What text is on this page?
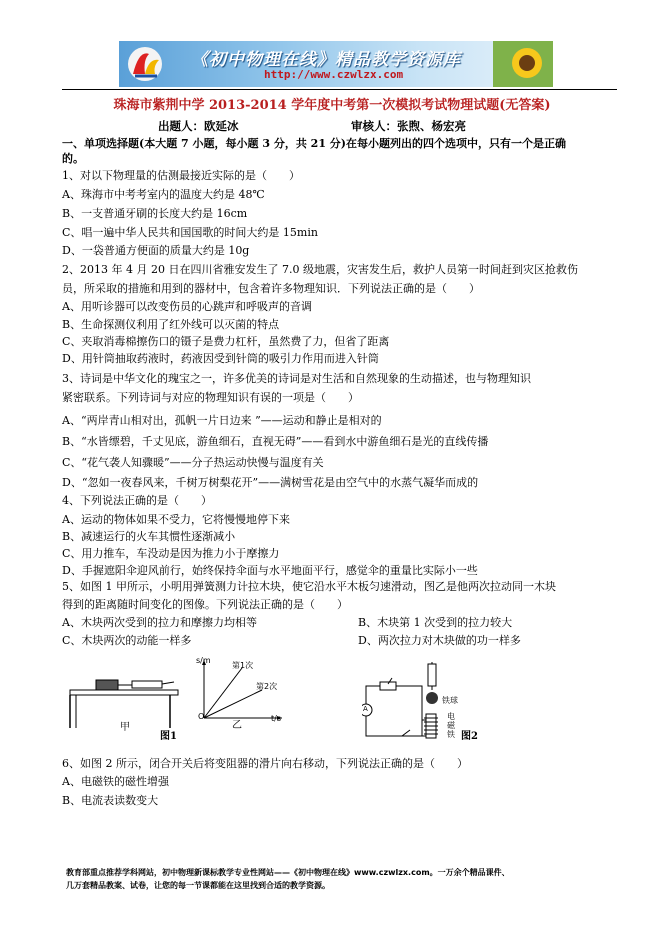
《初中物理在线》精品教学资源库
http://www.czwlzx.com
珠海市紫荆中学 2013-2014 学年度中考第一次模拟考试物理试题(无答案)
出题人：欧延冰	审核人：张煦、杨宏亮
一、单项选择题(本大题 7 小题，每小题 3 分，共 21 分)在每小题列出的四个选项中，只有一个是正确
的。
1、对以下物理量的估测最接近实际的是（　　）
A、珠海市中考考室内的温度大约是 48℃
B、一支普通牙刷的长度大约是 16cm
C、唱一遍中华人民共和国国歌的时间大约是 15min
D、一袋普通方便面的质量大约是 10g
2、2013 年 4 月 20 日在四川省雅安发生了 7.0 级地震，灾害发生后，救护人员第一时间赶到灾区抢救伤
员，所采取的措施和用到的器材中，包含着许多物理知识．下列说法正确的是（　　）
A、用听诊器可以改变伤员的心跳声和呼吸声的音调
B、生命探测仪利用了红外线可以灭菌的特点
C、夹取消毒棉擦伤口的镊子是费力杠杆，虽然费了力，但省了距离
D、用针筒抽取药液时，药液因受到针筒的吸引力作用而进入针筒
3、诗词是中华文化的瑰宝之一，许多优美的诗词是对生活和自然现象的生动描述，也与物理知识
紧密联系。下列诗词与对应的物理知识有误的一项是（　　）
A、“两岸青山相对出，孤帆一片日边来 ”——运动和静止是相对的
B、“水皆缥碧，千丈见底，游鱼细石，直视无碍”——看到水中游鱼细石是光的直线传播
C、“花气袭人知骤暖”——分子热运动快慢与温度有关
D、“忽如一夜春风来，千树万树梨花开”——满树雪花是由空气中的水蒸气凝华而成的
4、下列说法正确的是（　　）
A、运动的物体如果不受力，它将慢慢地停下来
B、减速运行的火车其惯性逐渐减小
C、用力推车，车没动是因为推力小于摩擦力
D、手握遮阳伞迎风前行，始终保持伞面与水平地面平行，感觉伞的重量比实际小一些
5、如图 1 甲所示，小明用弹簧测力计拉木块，使它沿水平木板匀速滑动，图乙是他两次拉动同一木块
得到的距离随时间变化的图像。下列说法正确的是（　　）
A、木块两次受到的拉力和摩擦力均相等	B、木块第 1 次受到的拉力较大
C、木块两次的动能一样多	D、两次拉力对木块做的功一样多
甲
s/m
t/s
O
第1次
第2次
乙
图1
A
铁球
电磁铁 图2
6、如图 2 所示，闭合开关后将变阻器的滑片向右移动，下列说法正确的是（　　）
A、电磁铁的磁性增强
B、电流表读数变大
教育部重点推荐学科网站，初中物理新课标教学专业性网站——《初中物理在线》www.czwlzx.com。一万余个精品课件、
几万套精品教案、试卷，让您的每一节课都能在这里找到合适的教学资源。
